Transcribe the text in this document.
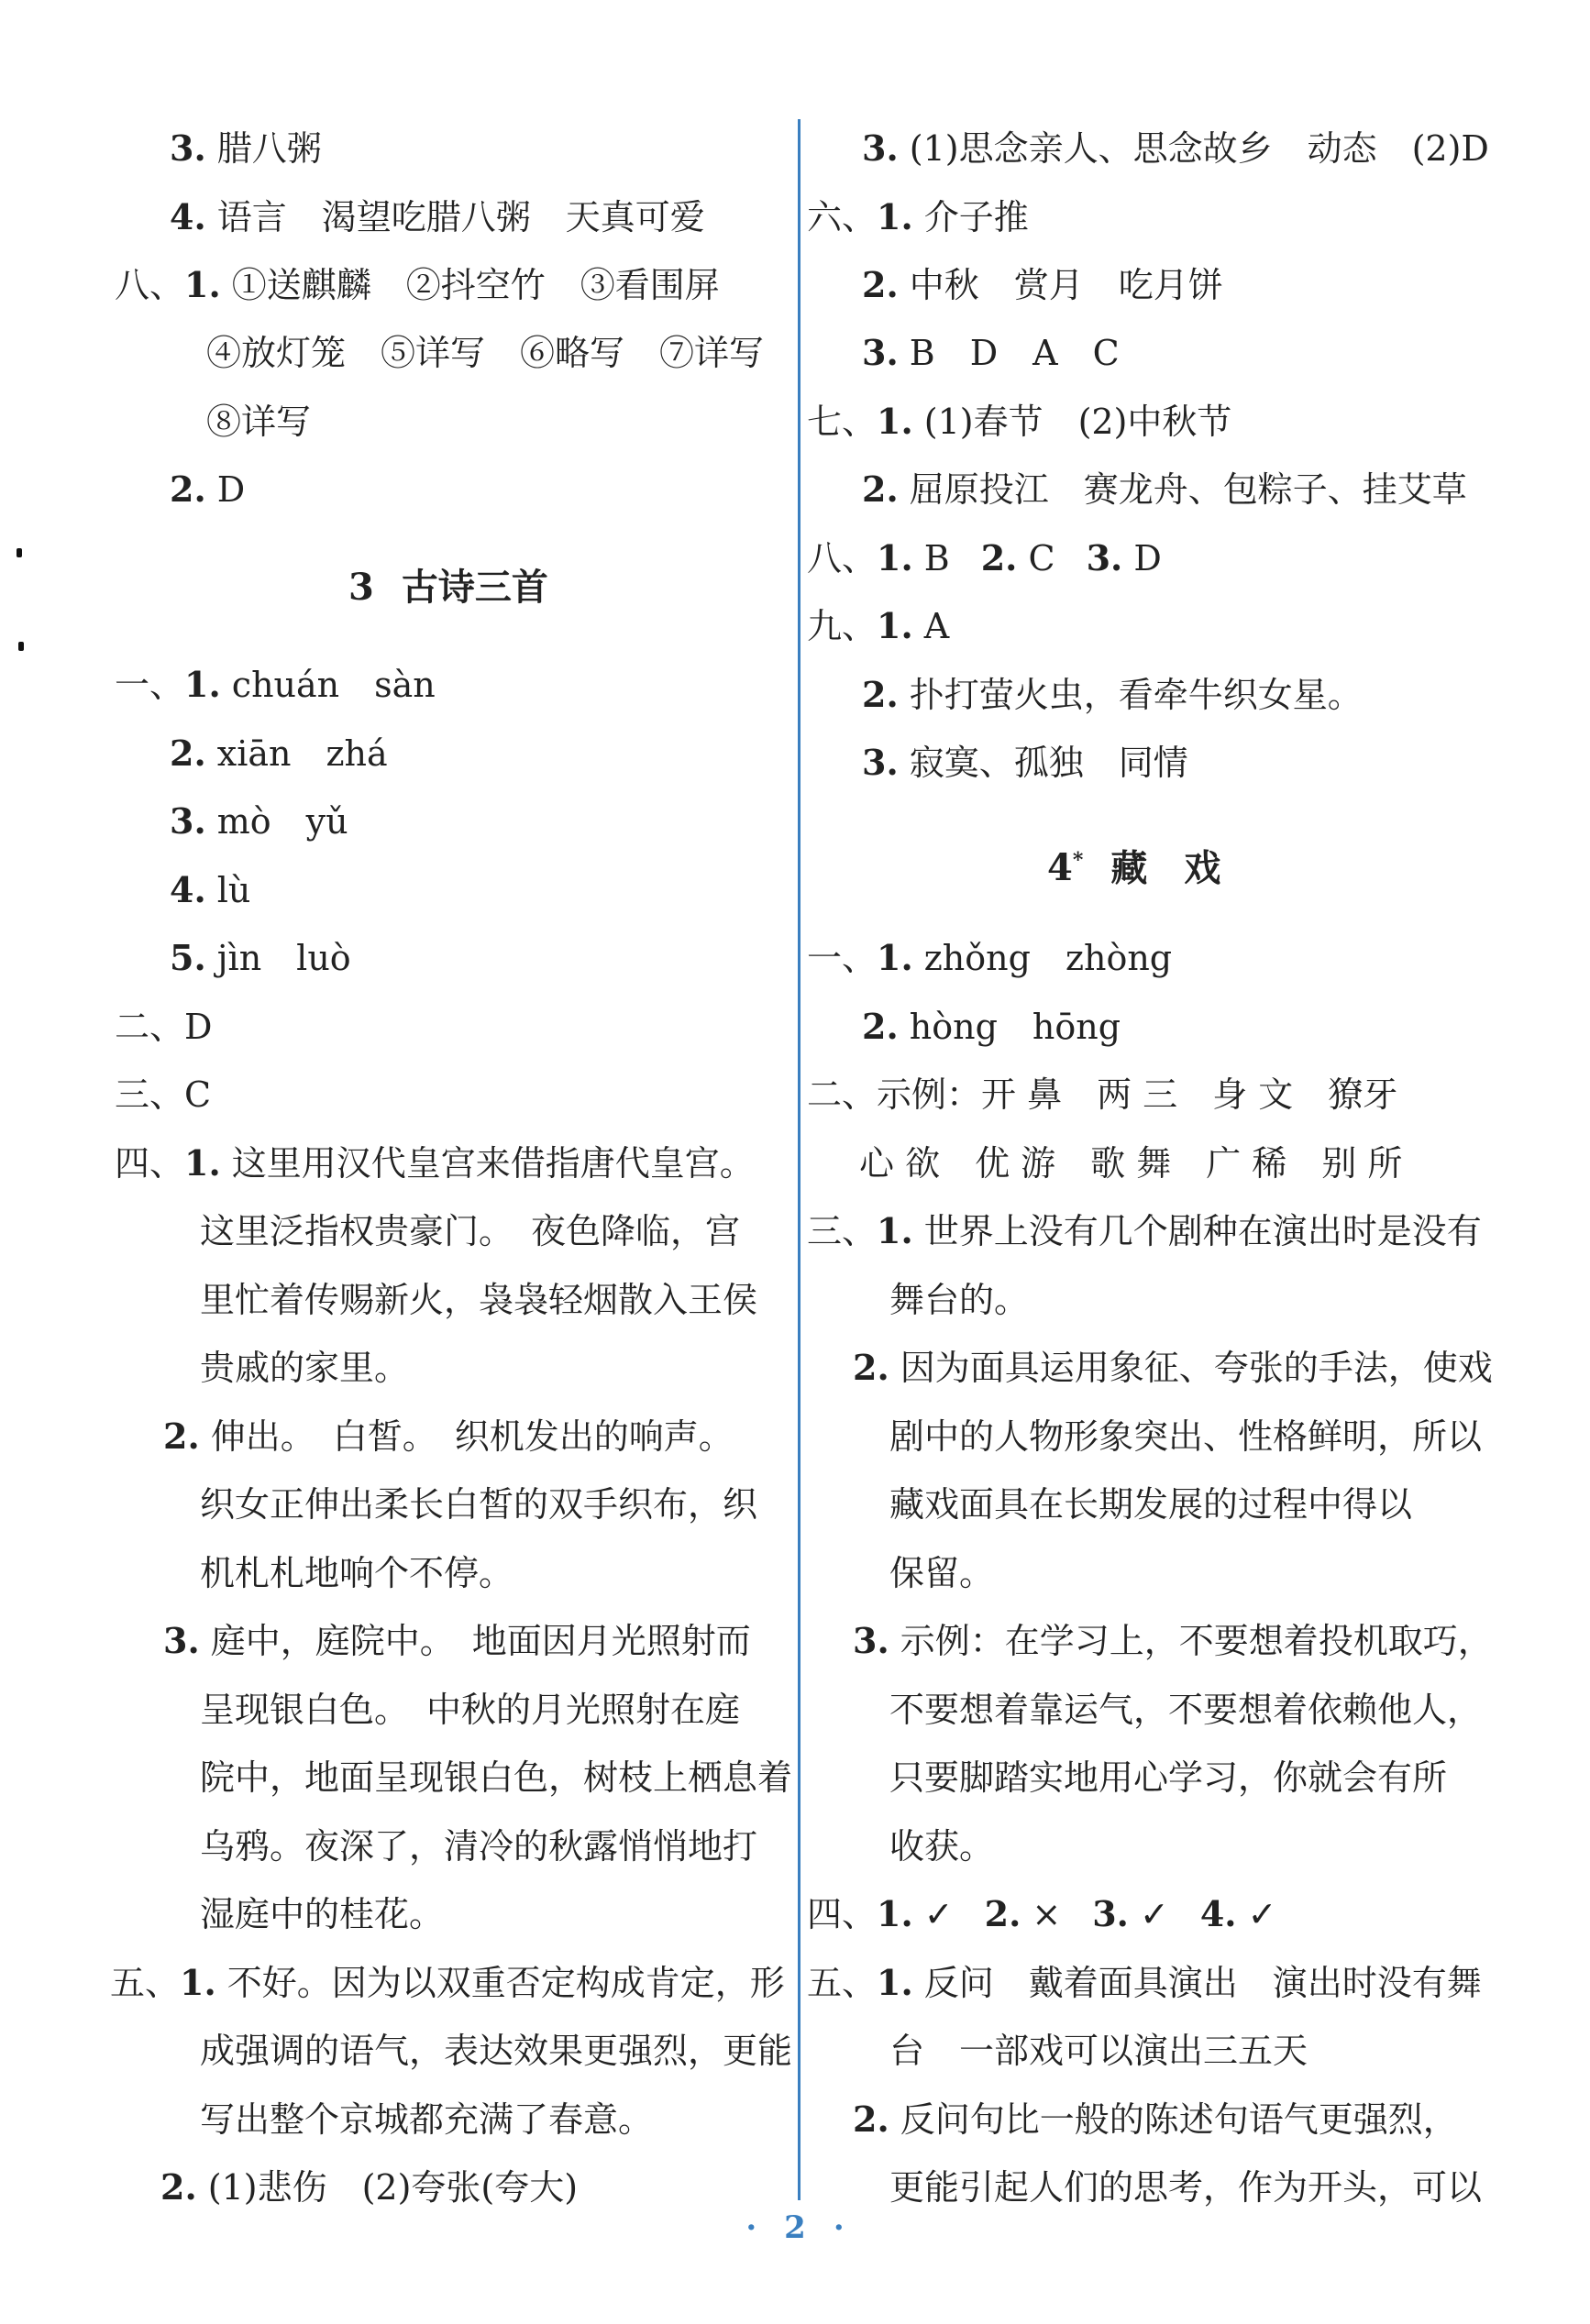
3. 腊八粥
4. 语言　渴望吃腊八粥　天真可爱
八、1. ①送麒麟　②抖空竹　③看围屏
④放灯笼　⑤详写　⑥略写　⑦详写
⑧详写
2. D
3 古诗三首
一、1. chuán　sàn
2. xiān　zhá
3. mò　yǔ
4. lù
5. jìn　luò
二、D
三、C
四、1. 这里用汉代皇宫来借指唐代皇宫。
这里泛指权贵豪门。　夜色降临，宫
里忙着传赐新火，袅袅轻烟散入王侯
贵戚的家里。
2. 伸出。　白皙。　织机发出的响声。
织女正伸出柔长白皙的双手织布，织
机札札地响个不停。
3. 庭中，庭院中。　地面因月光照射而
呈现银白色。　中秋的月光照射在庭
院中，地面呈现银白色，树枝上栖息着
乌鸦。夜深了，清冷的秋露悄悄地打
湿庭中的桂花。
五、1. 不好。因为以双重否定构成肯定，形
成强调的语气，表达效果更强烈，更能
写出整个京城都充满了春意。
2. (1)悲伤　(2)夸张(夸大)
3. (1)思念亲人、思念故乡　动态　(2)D
六、1. 介子推
2. 中秋　赏月　吃月饼
3. B　D　A　C
七、1. (1)春节　(2)中秋节
2. 屈原投江　赛龙舟、包粽子、挂艾草
八、1. B 2. C 3. D
九、1. A
2. 扑打萤火虫，看牵牛织女星。
3. 寂寞、孤独　同情
4* 藏　戏
一、1. zhǒng　zhòng
2. hòng　hōng
二、示例：开 鼻　两 三　身 文　獠牙
心 欲　优 游　歌 舞　广 稀　别 所
三、1. 世界上没有几个剧种在演出时是没有
舞台的。
2. 因为面具运用象征、夸张的手法，使戏
剧中的人物形象突出、性格鲜明，所以
藏戏面具在长期发展的过程中得以
保留。
3. 示例：在学习上，不要想着投机取巧，
不要想着靠运气，不要想着依赖他人，
只要脚踏实地用心学习，你就会有所
收获。
四、1. ✓ 2. × 3. ✓ 4. ✓
五、1. 反问　戴着面具演出　演出时没有舞
台　一部戏可以演出三五天
2. 反问句比一般的陈述句语气更强烈，
更能引起人们的思考，作为开头，可以
· 2 ·
